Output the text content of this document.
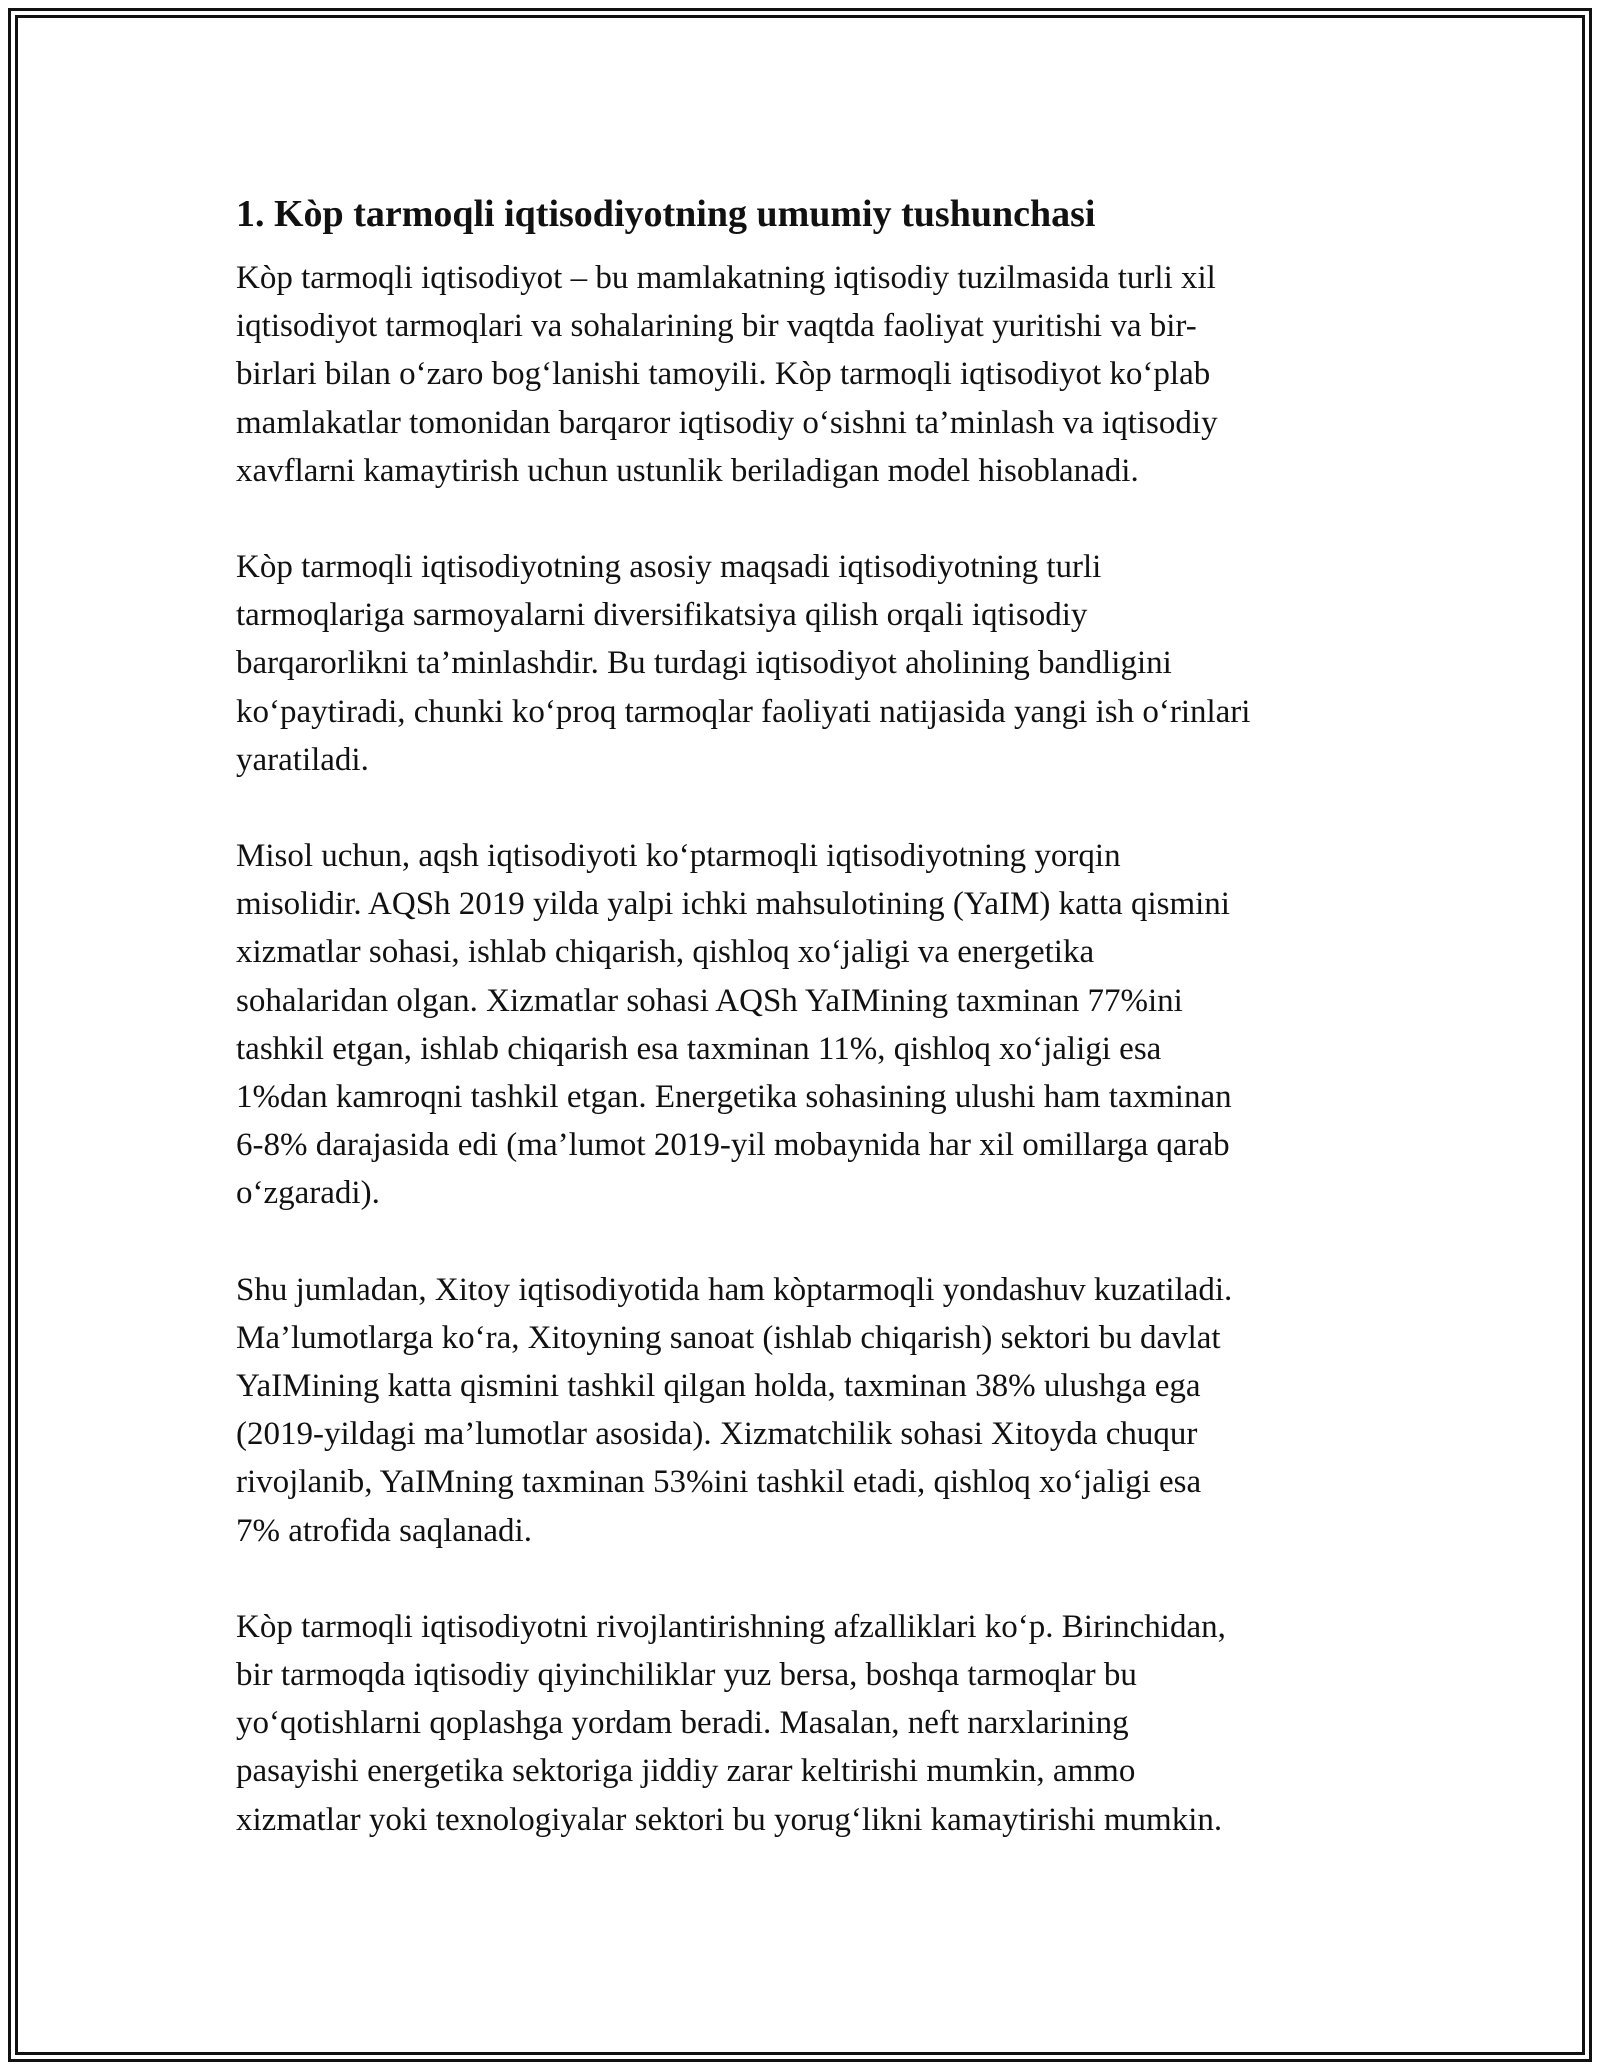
1. Kòp tarmoqli iqtisodiyotning umumiy tushunchasi

Kòp tarmoqli iqtisodiyot – bu mamlakatning iqtisodiy tuzilmasida turli xil
iqtisodiyot tarmoqlari va sohalarining bir vaqtda faoliyat yuritishi va bir-
birlari bilan o‘zaro bog‘lanishi tamoyili. Kòp tarmoqli iqtisodiyot ko‘plab
mamlakatlar tomonidan barqaror iqtisodiy o‘sishni ta’minlash va iqtisodiy
xavflarni kamaytirish uchun ustunlik beriladigan model hisoblanadi.

Kòp tarmoqli iqtisodiyotning asosiy maqsadi iqtisodiyotning turli
tarmoqlariga sarmoyalarni diversifikatsiya qilish orqali iqtisodiy
barqarorlikni ta’minlashdir. Bu turdagi iqtisodiyot aholining bandligini
ko‘paytiradi, chunki ko‘proq tarmoqlar faoliyati natijasida yangi ish o‘rinlari
yaratiladi.

Misol uchun, aqsh iqtisodiyoti ko‘ptarmoqli iqtisodiyotning yorqin
misolidir. AQSh 2019 yilda yalpi ichki mahsulotining (YaIM) katta qismini
xizmatlar sohasi, ishlab chiqarish, qishloq xo‘jaligi va energetika
sohalaridan olgan. Xizmatlar sohasi AQSh YaIMining taxminan 77%ini
tashkil etgan, ishlab chiqarish esa taxminan 11%, qishloq xo‘jaligi esa
1%dan kamroqni tashkil etgan. Energetika sohasining ulushi ham taxminan
6-8% darajasida edi (ma’lumot 2019-yil mobaynida har xil omillarga qarab
o‘zgaradi).

Shu jumladan, Xitoy iqtisodiyotida ham kòptarmoqli yondashuv kuzatiladi.
Ma’lumotlarga ko‘ra, Xitoyning sanoat (ishlab chiqarish) sektori bu davlat
YaIMining katta qismini tashkil qilgan holda, taxminan 38% ulushga ega
(2019-yildagi ma’lumotlar asosida). Xizmatchilik sohasi Xitoyda chuqur
rivojlanib, YaIMning taxminan 53%ini tashkil etadi, qishloq xo‘jaligi esa
7% atrofida saqlanadi.

Kòp tarmoqli iqtisodiyotni rivojlantirishning afzalliklari ko‘p. Birinchidan,
bir tarmoqda iqtisodiy qiyinchiliklar yuz bersa, boshqa tarmoqlar bu
yo‘qotishlarni qoplashga yordam beradi. Masalan, neft narxlarining
pasayishi energetika sektoriga jiddiy zarar keltirishi mumkin, ammo
xizmatlar yoki texnologiyalar sektori bu yorug‘likni kamaytirishi mumkin.
